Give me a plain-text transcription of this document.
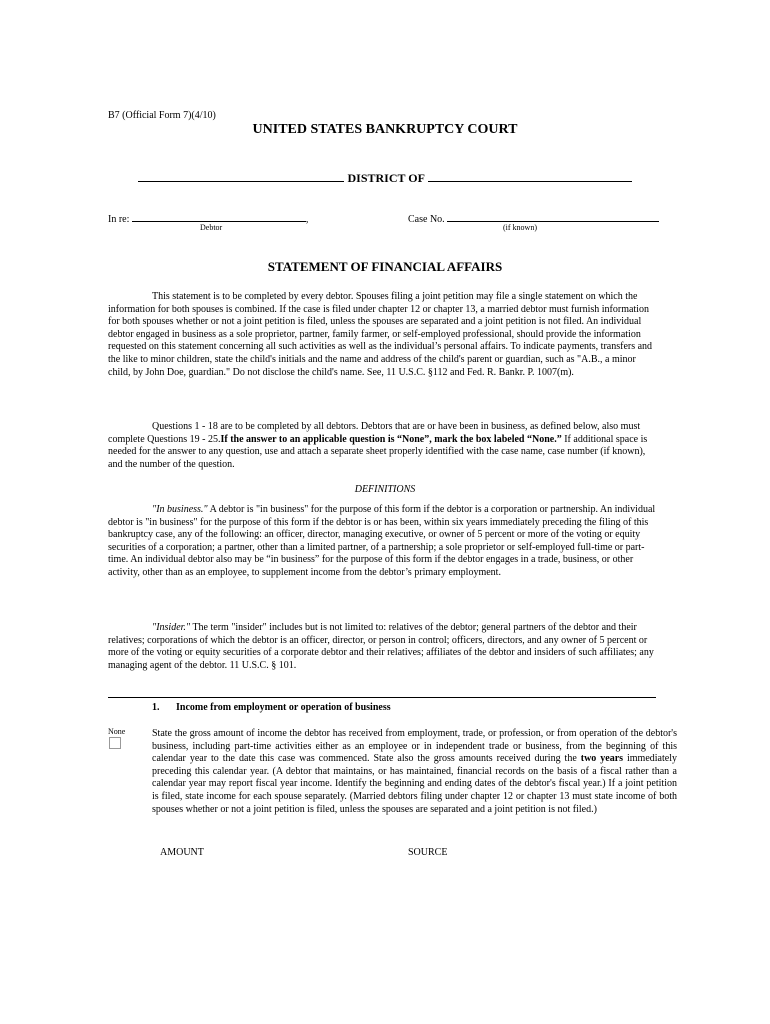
B7 (Official Form 7)(4/10)
UNITED STATES BANKRUPTCY COURT
DISTRICT OF
In re:	,	Case No.
Debtor	(if known)
STATEMENT OF FINANCIAL AFFAIRS
This statement is to be completed by every debtor. Spouses filing a joint petition may file a single statement on which the information for both spouses is combined. If the case is filed under chapter 12 or chapter 13, a married debtor must furnish information for both spouses whether or not a joint petition is filed, unless the spouses are separated and a joint petition is not filed. An individual debtor engaged in business as a sole proprietor, partner, family farmer, or self-employed professional, should provide the information requested on this statement concerning all such activities as well as the individual’s personal affairs. To indicate payments, transfers and the like to minor children, state the child's initials and the name and address of the child's parent or guardian, such as "A.B., a minor child, by John Doe, guardian." Do not disclose the child's name. See, 11 U.S.C. §112 and Fed. R. Bankr. P. 1007(m).
Questions 1 - 18 are to be completed by all debtors. Debtors that are or have been in business, as defined below, also must complete Questions 19 - 25.If the answer to an applicable question is “None”, mark the box labeled “None.” If additional space is needed for the answer to any question, use and attach a separate sheet properly identified with the case name, case number (if known), and the number of the question.
DEFINITIONS
"In business." A debtor is "in business" for the purpose of this form if the debtor is a corporation or partnership. An individual debtor is "in business" for the purpose of this form if the debtor is or has been, within six years immediately preceding the filing of this bankruptcy case, any of the following: an officer, director, managing executive, or owner of 5 percent or more of the voting or equity securities of a corporation; a partner, other than a limited partner, of a partnership; a sole proprietor or self-employed full-time or part-time. An individual debtor also may be “in business” for the purpose of this form if the debtor engages in a trade, business, or other activity, other than as an employee, to supplement income from the debtor’s primary employment.
"Insider." The term "insider" includes but is not limited to: relatives of the debtor; general partners of the debtor and their relatives; corporations of which the debtor is an officer, director, or person in control; officers, directors, and any owner of 5 percent or more of the voting or equity securities of a corporate debtor and their relatives; affiliates of the debtor and insiders of such affiliates; any managing agent of the debtor. 11 U.S.C. § 101.
1. Income from employment or operation of business
None	State the gross amount of income the debtor has received from employment, trade, or profession, or from operation of the debtor's business, including part-time activities either as an employee or in independent trade or business, from the beginning of this calendar year to the date this case was commenced. State also the gross amounts received during the two years immediately preceding this calendar year. (A debtor that maintains, or has maintained, financial records on the basis of a fiscal rather than a calendar year may report fiscal year income. Identify the beginning and ending dates of the debtor's fiscal year.) If a joint petition is filed, state income for each spouse separately. (Married debtors filing under chapter 12 or chapter 13 must state income of both spouses whether or not a joint petition is filed, unless the spouses are separated and a joint petition is not filed.)
AMOUNT	SOURCE
